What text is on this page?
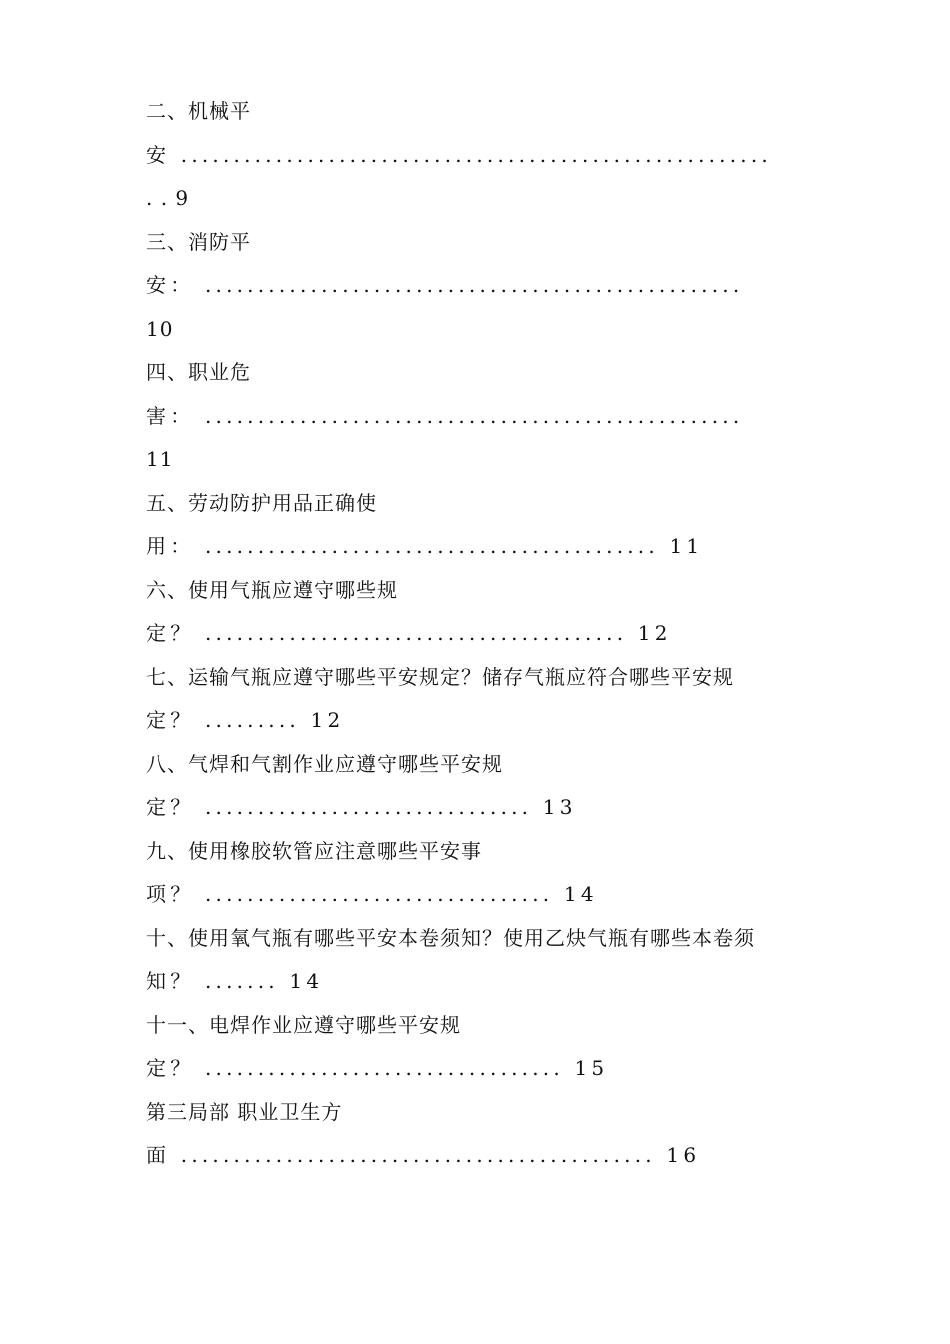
二、机械平
安 ........................................................
. . 9
三、消防平
安： ...................................................
10
四、职业危
害： ...................................................
11
五、劳动防护用品正确使
用： ........................................... 11
六、使用气瓶应遵守哪些规
定？ ........................................ 12
七、运输气瓶应遵守哪些平安规定？储存气瓶应符合哪些平安规
定？ ......... 12
八、气焊和气割作业应遵守哪些平安规
定？ ............................... 13
九、使用橡胶软管应注意哪些平安事
项？ ................................. 14
十、使用氧气瓶有哪些平安本卷须知？使用乙炔气瓶有哪些本卷须
知？ ....... 14
十一、电焊作业应遵守哪些平安规
定？ .................................. 15
第三局部 职业卫生方
面 ............................................. 16
